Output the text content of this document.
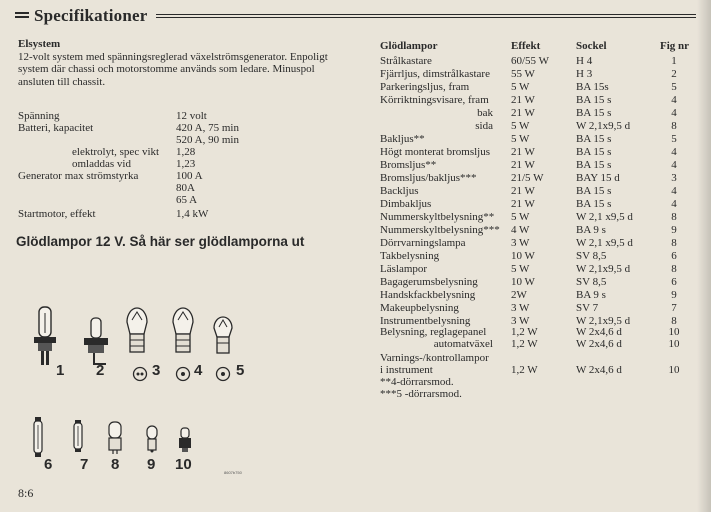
Specifikationer
Elsystem
12-volt system med spänningsreglerad växelströmsgenerator. Enpoligt
system där chassi och motorstomme används som ledare. Minuspol
ansluten till chassit.
Spänning	12 volt
Batteri, kapacitet	420 A, 75 min
520 A, 90 min
elektrolyt, spec vikt 1,28
omladdas vid	1,23
Generator max strömstyrka	100 A
80A
65 A
Startmotor, effekt	1,4 kW
Glödlampor 12 V. Så här ser glödlamporna ut
1 2	3 4 5
6 7 8 9 10	8607b750
8:6
Glödlampor	Effekt	Sockel	Fig nr
Strålkastare	60/55 W H 4	1
Fjärrljus, dimstrålkastare 55 W	H 3	2
Parkeringsljus, fram	5 W	BA 15s	5
Körriktningsvisare, fram 21 W	BA 15 s	4
bak 21 W	BA 15 s	4
sida 5 W	W 2,1x9,5 d	8
Bakljus**	5 W	BA 15 s	5
Högt monterat bromsljus 21 W	BA 15 s	4
Bromsljus**	21 W	BA 15 s	4
Bromsljus/bakljus***	21/5 W	BAY 15 d	3
Backljus	21 W	BA 15 s	4
Dimbakljus	21 W	BA 15 s	4
Nummerskyltbelysning** 5 W	W 2,1 x9,5 d	8
Nummerskyltbelysning*** 4 W	BA 9 s	9
Dörrvarningslampa	3 W	W 2,1 x9,5 d	8
Takbelysning	10 W	SV 8,5	6
Läslampor	5 W	W 2,1x9,5 d	8
Bagagerumsbelysning	10 W	SV 8,5	6
Handskfackbelysning	2W	BA 9 s	9
Makeupbelysning	3 W	SV 7	7
Instrumentbelysning	3 W	W 2,1x9,5 d	8
Belysning, reglagepanel 1,2 W	W 2x4,6 d	10
automatväxel 1,2 W	W 2x4,6 d	10
Varnings-/kontrollampor
i instrument	1,2 W	W 2x4,6 d	10
**4-dörrarsmod.
***5 -dörrarsmod.
